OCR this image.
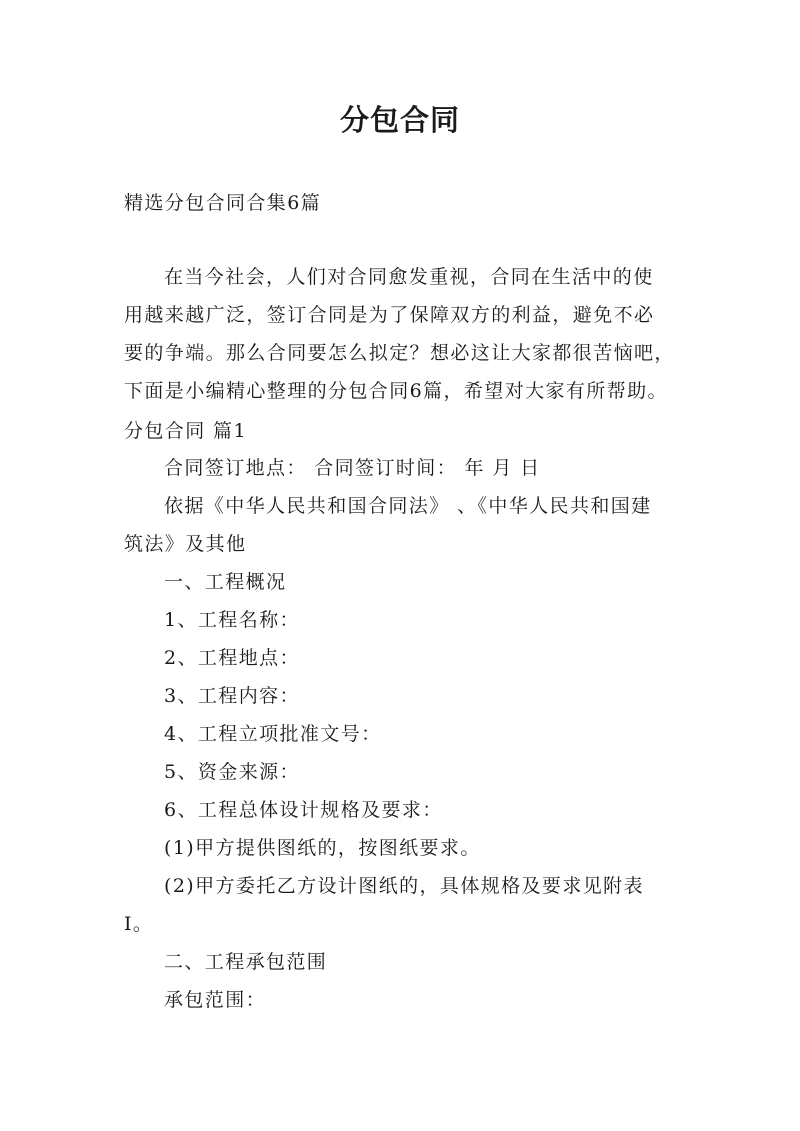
分包合同
精选分包合同合集6篇
在当今社会，人们对合同愈发重视，合同在生活中的使
用越来越广泛，签订合同是为了保障双方的利益，避免不必
要的争端。那么合同要怎么拟定？想必这让大家都很苦恼吧，
下面是小编精心整理的分包合同6篇，希望对大家有所帮助。
分包合同 篇1
合同签订地点： 合同签订时间： 年 月 日
依据《中华人民共和国合同法》 、《中华人民共和国建
筑法》及其他
一、工程概况
1、工程名称：
2、工程地点：
3、工程内容：
4、工程立项批准文号：
5、资金来源：
6、工程总体设计规格及要求：
(1)甲方提供图纸的，按图纸要求。
(2)甲方委托乙方设计图纸的，具体规格及要求见附表
I。
二、工程承包范围
承包范围：
